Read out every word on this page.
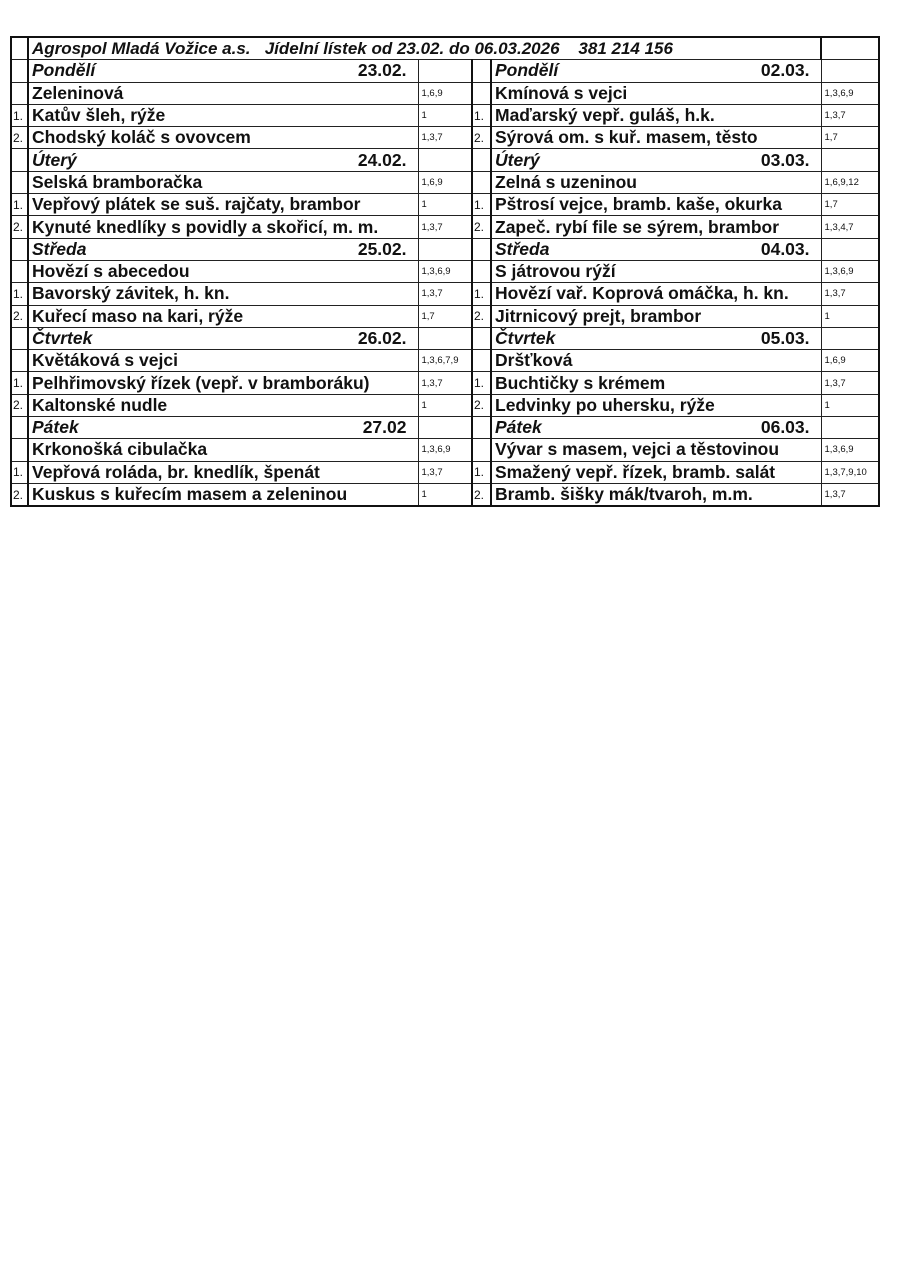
	Agrospol Mladá Vožice a.s.   Jídelní lístek od 23.02. do 06.03.2026    381 214 156				
	Pondělí 23.02.			Pondělí 02.03.	

	Zeleninová	1,6,9		Kmínová s vejci	1,3,6,9
1.	Katův šleh, rýže	1	1.	Maďarský vepř. guláš, h.k.	1,3,7
2.	Chodský koláč s ovovcem	1,3,7	2.	Sýrová om. s kuř. masem, těsto	1,7
	Úterý 24.02.			Úterý 03.03.	

	Selská bramboračka	1,6,9		Zelná s uzeninou	1,6,9,12
1.	Vepřový plátek se suš. rajčaty, brambor	1	1.	Pštrosí vejce, bramb. kaše, okurka	1,7
2.	Kynuté knedlíky s povidly a skořicí, m. m.	1,3,7	2.	Zapeč. rybí file se sýrem, brambor	1,3,4,7
	Středa 25.02.			Středa 04.03.	

	Hovězí s abecedou	1,3,6,9		S játrovou rýží	1,3,6,9
1.	Bavorský závitek, h. kn.	1,3,7	1.	Hovězí vař. Koprová omáčka, h. kn.	1,3,7
2.	Kuřecí maso na kari, rýže	1,7	2.	Jitrnicový prejt, brambor	1
	Čtvrtek 26.02.			Čtvrtek 05.03.	

	Květáková s vejci	1,3,6,7,9		Dršťková	1,6,9
1.	Pelhřimovský řízek (vepř. v bramboráku)	1,3,7	1.	Buchtičky s krémem	1,3,7
2.	Kaltonské nudle	1	2.	Ledvinky po uhersku, rýže	1
	Pátek 27.02			Pátek 06.03.	

	Krkonošká cibulačka	1,3,6,9		Vývar s masem, vejci a těstovinou	1,3,6,9
1.	Vepřová roláda, br. knedlík, špenát	1,3,7	1.	Smažený vepř. řízek, bramb. salát	1,3,7,9,10
2.	Kuskus s kuřecím masem a zeleninou	1	2.	Bramb. šišky mák/tvaroh, m.m.	1,3,7
